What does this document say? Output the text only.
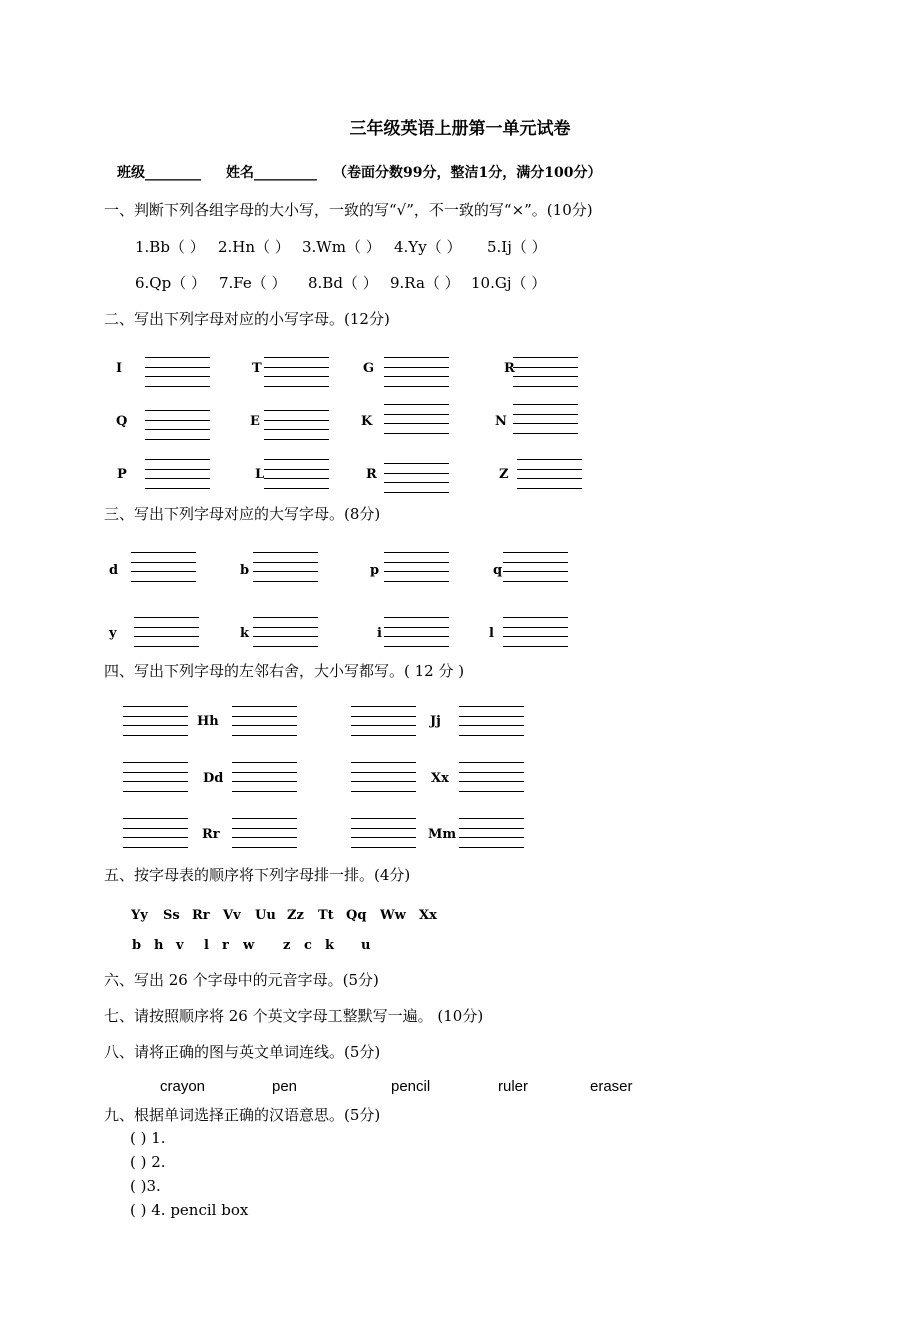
三年级英语上册第一单元试卷
班级________ 姓名_________ （卷面分数99分，整洁1分，满分100分）
一、判断下列各组字母的大小写，一致的写“√”，不一致的写“×”。(10分)
1.Bb（ ） 2.Hn（ ） 3.Wm（ ） 4.Yy（ ） 5.Ij（ ）
6.Qp（ ） 7.Fe（ ） 8.Bd（ ） 9.Ra（ ） 10.Gj（ ）
二、写出下列字母对应的小写字母。(12分)
I	T	G	R
Q	E	K	N
P	L	R	Z
三、写出下列字母对应的大写字母。(8分)
d	b	p	q
y	k	i	l
四、写出下列字母的左邻右舍，大小写都写。( 12 分 )
Hh	Jj
Dd	Xx
Rr	Mm
五、按字母表的顺序将下列字母排一排。(4分)
Yy Ss Rr Vv Uu Zz Tt Qq Ww Xx
b h v l r w z c k u
六、写出 26 个字母中的元音字母。(5分)
七、请按照顺序将 26 个英文字母工整默写一遍。 (10分)
八、请将正确的图与英文单词连线。(5分)
crayon	pen	pencil	ruler	eraser
九、根据单词选择正确的汉语意思。(5分)
( ) 1.
( ) 2.
( )3.
( ) 4. pencil box
